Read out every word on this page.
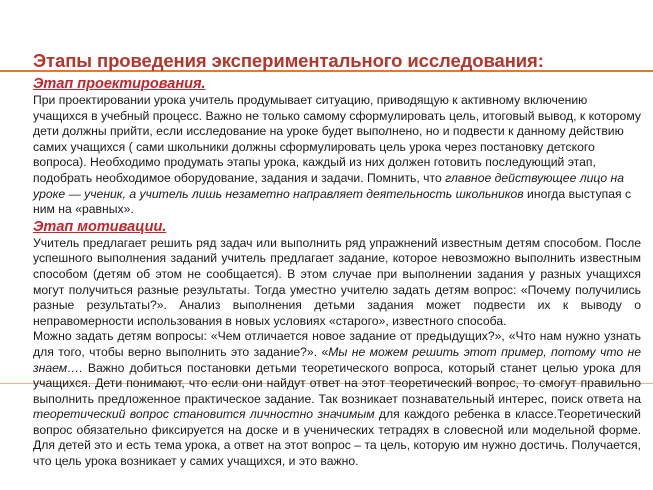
Этапы проведения экспериментального исследования:
Этап проектирования.

При проектировании урока учитель продумывает ситуацию, приводящую к активному включению учащихся в учебный процесс. Важно не только самому сформулировать цель, итоговый вывод, к которому дети должны прийти, если исследование на уроке будет выполнено, но и подвести к данному действию самих учащихся ( сами школьники должны сформулировать цель урока через постановку детского вопроса). Необходимо продумать этапы урока, каждый из них должен готовить последующий этап, подобрать необходимое оборудование, задания и задачи. Помнить, что главное действующее лицо на уроке — ученик, а учитель лишь незаметно направляет деятельность школьников иногда выступая с ним на «равных».

Этап мотивации.

Учитель предлагает решить ряд задач или выполнить ряд упражнений известным детям способом. После успешного выполнения заданий учитель предлагает задание, которое невозможно выполнить известным способом (детям об этом не сообщается). В этом случае при выполнении задания у разных учащихся могут получиться разные результаты. Тогда уместно учителю задать детям вопрос: «Почему получились разные результаты?». Анализ выполнения детьми задания может подвести их к выводу о неправомерности использования в новых условиях «старого», известного способа.

Можно задать детям вопросы: «Чем отличается новое задание от предыдущих?», «Что нам нужно узнать для того, чтобы верно выполнить это задание?». «Мы не можем решить этот пример, потому что не знаем…. Важно добиться постановки детьми теоретического вопроса, который станет целью урока для учащихся. Дети понимают, что если они найдут ответ на этот теоретический вопрос, то смогут правильно выполнить предложенное практическое задание. Так возникает познавательный интерес, поиск ответа на теоретический вопрос становится личностно значимым для каждого ребенка в классе.Теоретический вопрос обязательно фиксируется на доске и в ученических тетрадях в словесной или модельной форме. Для детей это и есть тема урока, а ответ на этот вопрос – та цель, которую им нужно достичь. Получается, что цель урока возникает у самих учащихся, и это важно.
